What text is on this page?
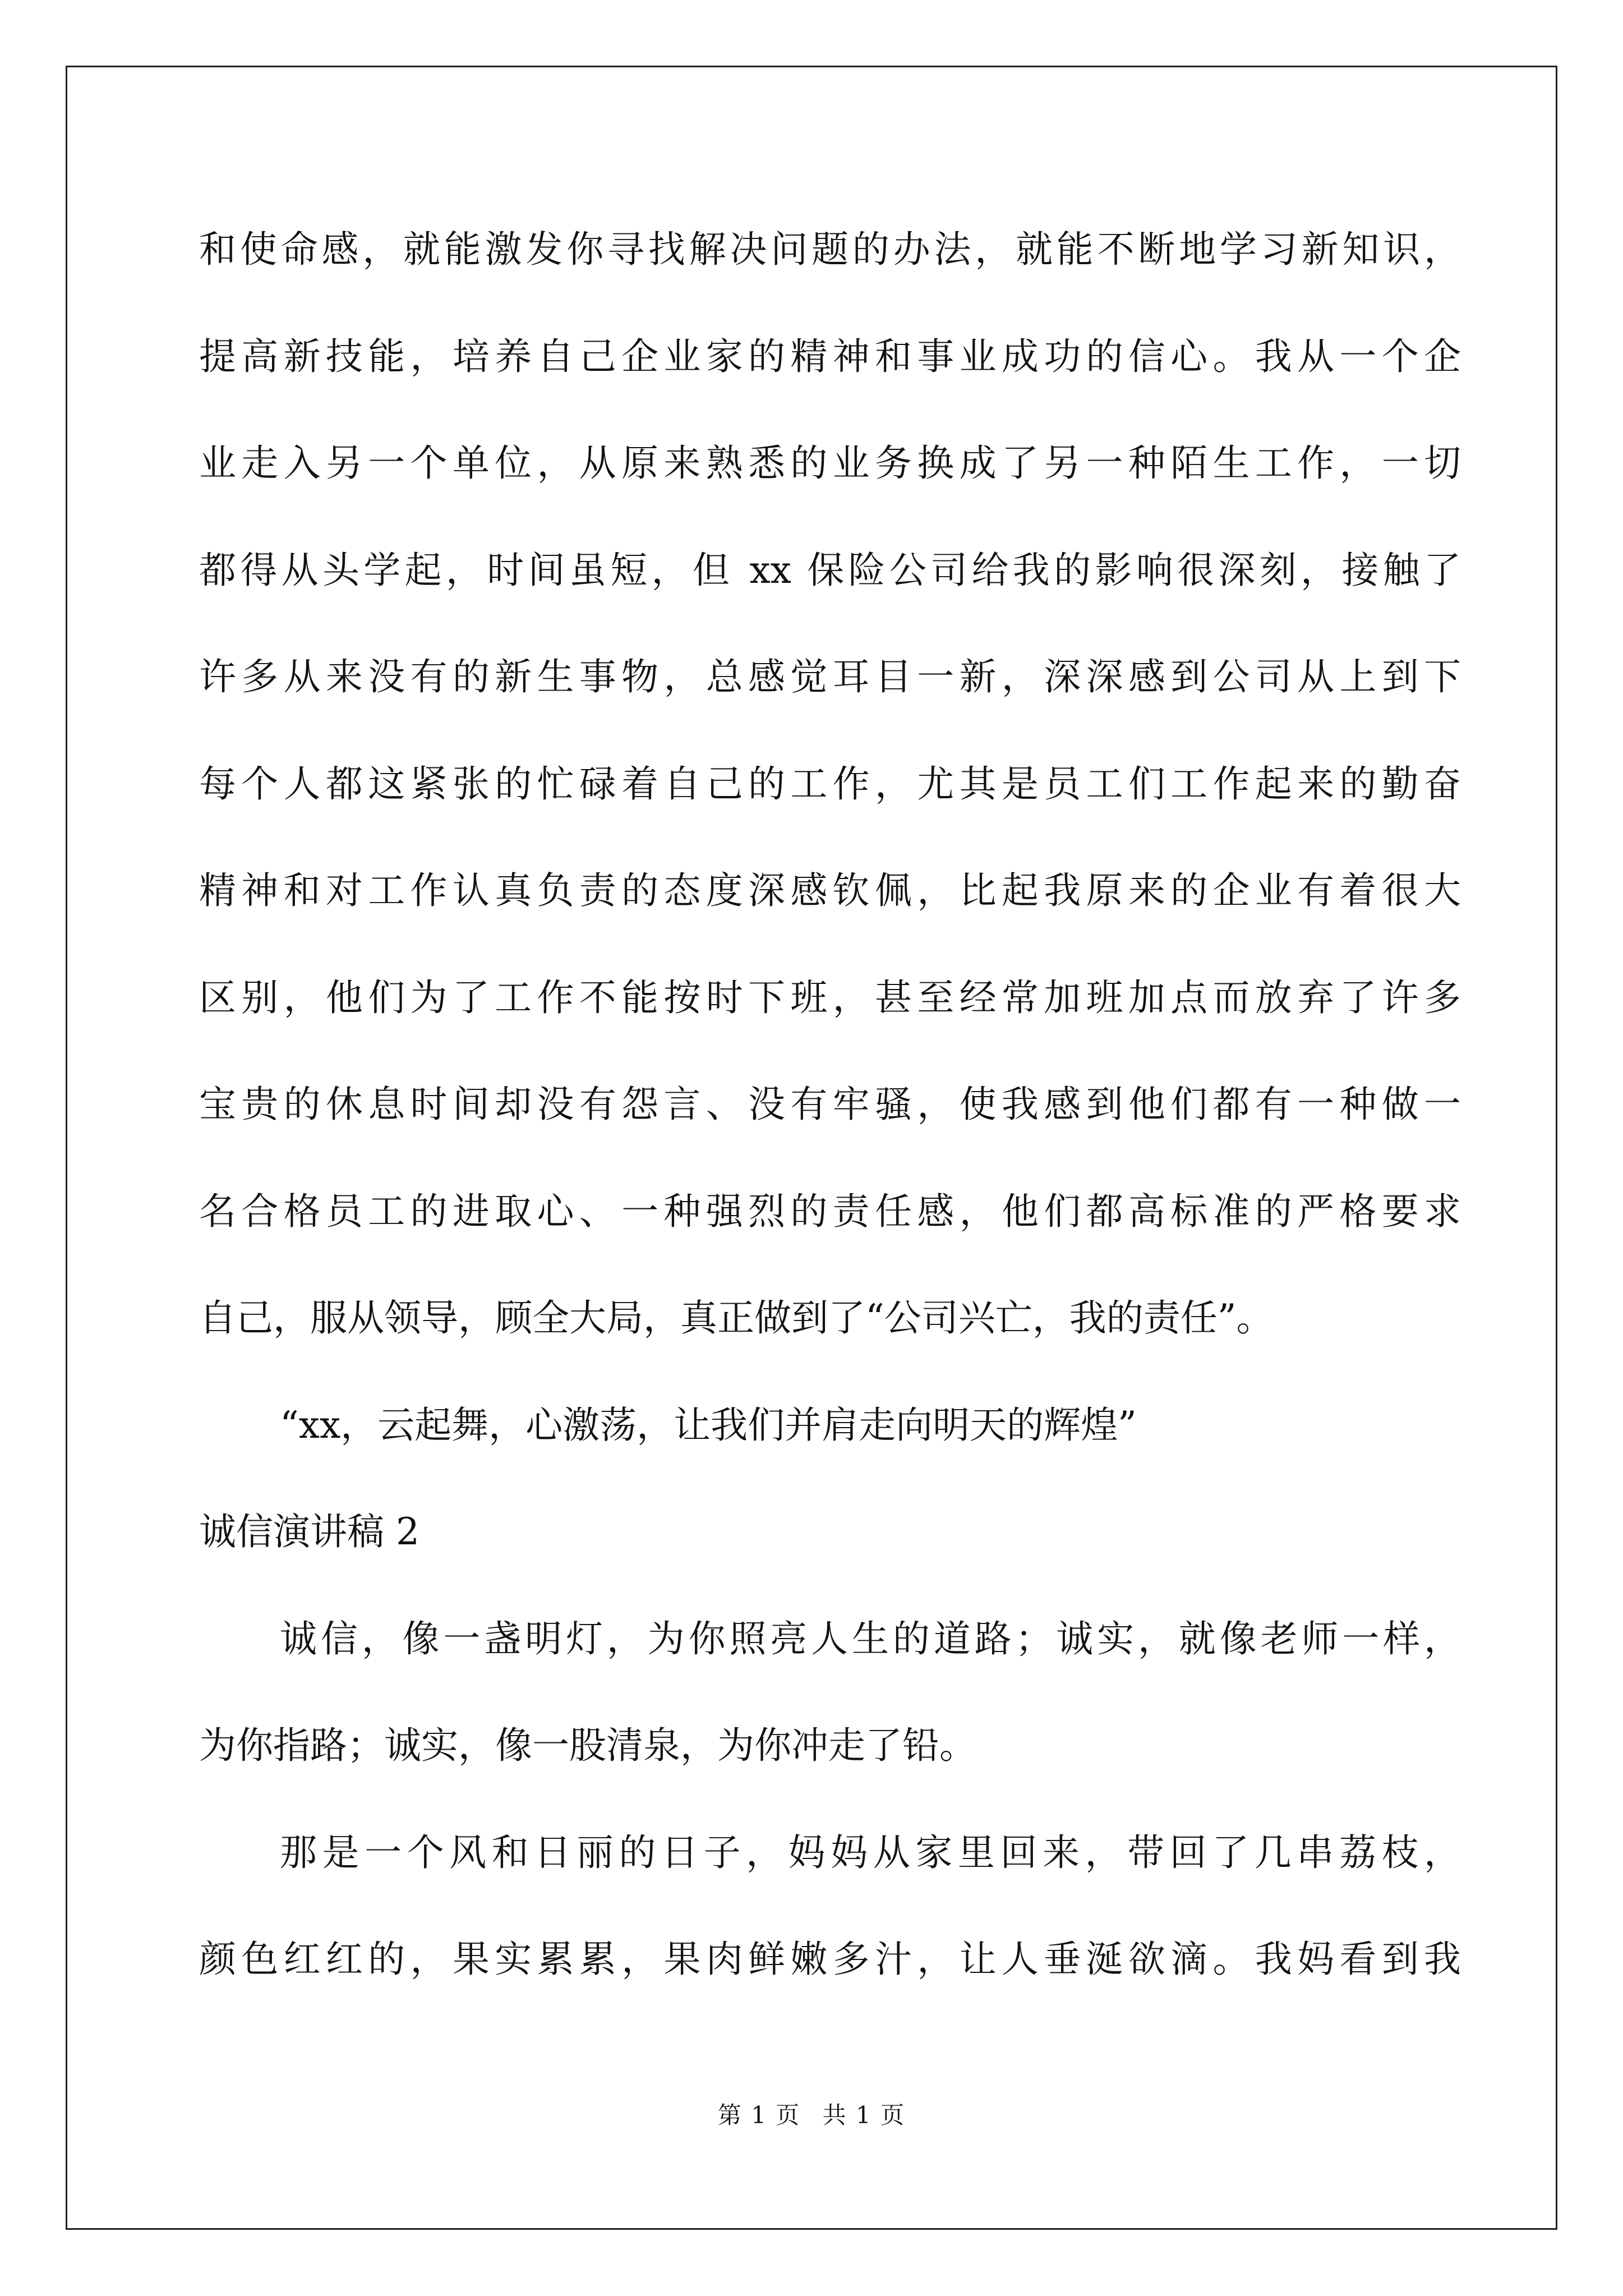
和使命感，就能激发你寻找解决问题的办法，就能不断地学习新知识，
提高新技能，培养自己企业家的精神和事业成功的信心。我从一个企
业走入另一个单位，从原来熟悉的业务换成了另一种陌生工作，一切
都得从头学起，时间虽短，但 xx 保险公司给我的影响很深刻，接触了
许多从来没有的新生事物，总感觉耳目一新，深深感到公司从上到下
每个人都这紧张的忙碌着自己的工作，尤其是员工们工作起来的勤奋
精神和对工作认真负责的态度深感钦佩，比起我原来的企业有着很大
区别，他们为了工作不能按时下班，甚至经常加班加点而放弃了许多
宝贵的休息时间却没有怨言、没有牢骚，使我感到他们都有一种做一
名合格员工的进取心、一种强烈的责任感，他们都高标准的严格要求
自己，服从领导，顾全大局，真正做到了“公司兴亡，我的责任”。
“xx，云起舞，心激荡，让我们并肩走向明天的辉煌”
诚信演讲稿 2
诚信，像一盏明灯，为你照亮人生的道路；诚实，就像老师一样，
为你指路；诚实，像一股清泉，为你冲走了铅。
那是一个风和日丽的日子，妈妈从家里回来，带回了几串荔枝，
颜色红红的，果实累累，果肉鲜嫩多汁，让人垂涎欲滴。我妈看到我
第 1 页 共 1 页
